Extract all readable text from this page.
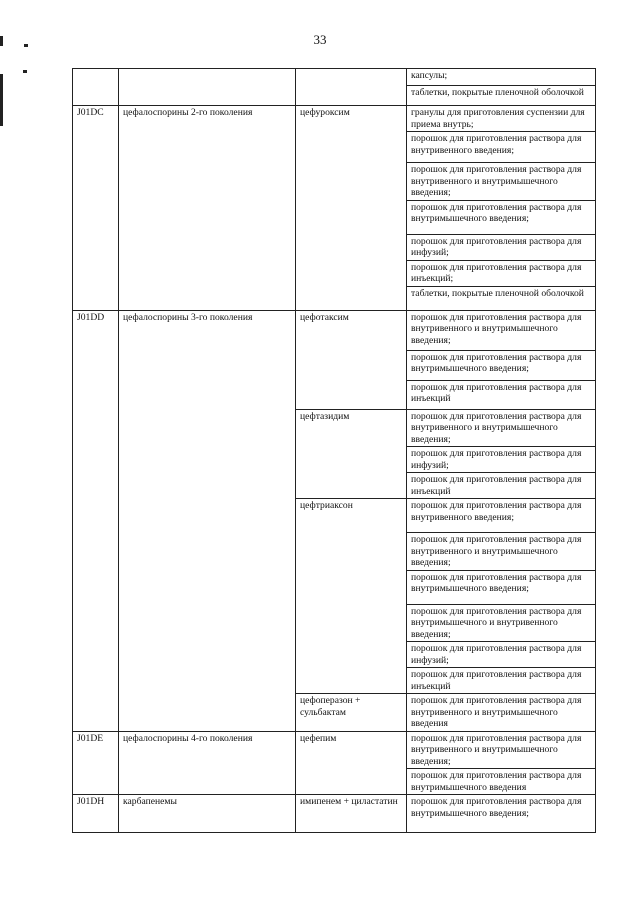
33
			капсулы;
			таблетки, покрытые пленочной оболочкой
J01DC	цефалоспорины 2-го поколения	цефуроксим	гранулы для приготовления суспензии для приема внутрь;
			порошок для приготовления раствора для внутривенного введения;
			порошок для приготовления раствора для внутривенного и внутримышечного введения;
			порошок для приготовления раствора для внутримышечного введения;
			порошок для приготовления раствора для инфузий;
			порошок для приготовления раствора для инъекций;
			таблетки, покрытые пленочной оболочкой
J01DD	цефалоспорины 3-го поколения	цефотаксим	порошок для приготовления раствора для внутривенного и внутримышечного введения;
			порошок для приготовления раствора для внутримышечного введения;
			порошок для приготовления раствора для инъекций
		цефтазидим	порошок для приготовления раствора для внутривенного и внутримышечного введения;
			порошок для приготовления раствора для инфузий;
			порошок для приготовления раствора для инъекций
		цефтриаксон	порошок для приготовления раствора для внутривенного введения;
			порошок для приготовления раствора для внутривенного и внутримышечного введения;
			порошок для приготовления раствора для внутримышечного введения;
			порошок для приготовления раствора для внутримышечного и внутривенного введения;
			порошок для приготовления раствора для инфузий;
			порошок для приготовления раствора для инъекций
		цефоперазон + сульбактам	порошок для приготовления раствора для внутривенного и внутримышечного введения
J01DE	цефалоспорины 4-го поколения	цефепим	порошок для приготовления раствора для внутривенного и внутримышечного введения;
			порошок для приготовления раствора для внутримышечного введения
J01DH	карбапенемы	имипенем + циластатин	порошок для приготовления раствора для внутримышечного введения;
